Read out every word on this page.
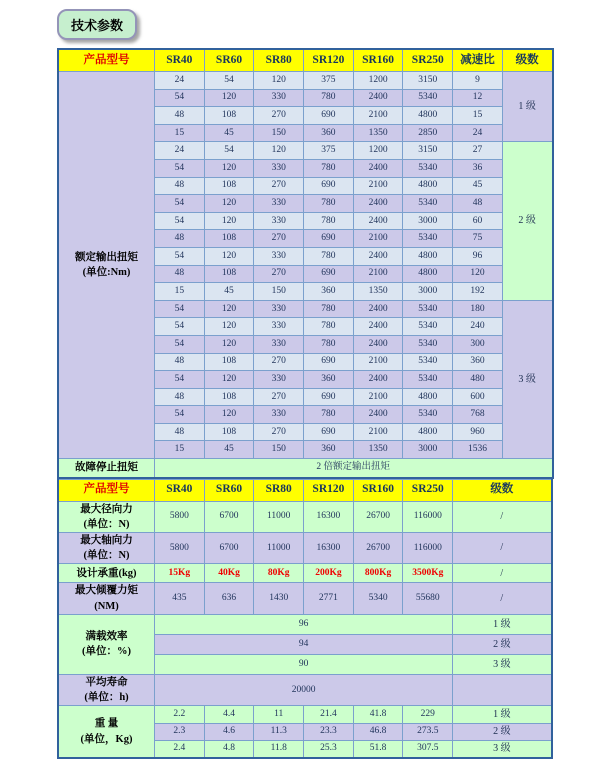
技术参数
产品型号	SR40	SR60	SR80	SR120	SR160	SR250	减速比	级数

额定输出扭矩
(单位:Nm)	24	54	120	375	1200	3150	9	1 级
	54	120	330	780	2400	5340	12	
	48	108	270	690	2100	4800	15	
	15	45	150	360	1350	2850	24	
	24	54	120	375	1200	3150	27	2 级
	54	120	330	780	2400	5340	36	
	48	108	270	690	2100	4800	45	
	54	120	330	780	2400	5340	48	
	54	120	330	780	2400	3000	60	
	48	108	270	690	2100	5340	75	
	54	120	330	780	2400	4800	96	
	48	108	270	690	2100	4800	120	
	15	45	150	360	1350	3000	192	
	54	120	330	780	2400	5340	180	3 级
	54	120	330	780	2400	5340	240	
	54	120	330	780	2400	5340	300	
	48	108	270	690	2100	5340	360	
	54	120	330	360	2400	5340	480	
	48	108	270	690	2100	4800	600	
	54	120	330	780	2400	5340	768	
	48	108	270	690	2100	4800	960	
	15	45	150	360	1350	3000	1536	
故障停止扭矩	2 倍额定输出扭矩							
产品型号	SR40	SR60	SR80	SR120	SR160	SR250	级数

最大径向力
(单位：N)	5800	6700	11000	16300	26700	116000	/

最大轴向力
(单位：N)	5800	6700	11000	16300	26700	116000	/
设计承重(kg)	15Kg	40Kg	80Kg	200Kg	800Kg	3500Kg	/

最大倾覆力矩
(NM)	435	636	1430	2771	5340	55680	/

满载效率
(单位：%)	96						1 级
	94						2 级
	90						3 级

平均寿命
(单位：h)	20000						

重 量
(单位，Kg)	2.2	4.4	11	21.4	41.8	229	1 级
	2.3	4.6	11.3	23.3	46.8	273.5	2 级
	2.4	4.8	11.8	25.3	51.8	307.5	3 级
